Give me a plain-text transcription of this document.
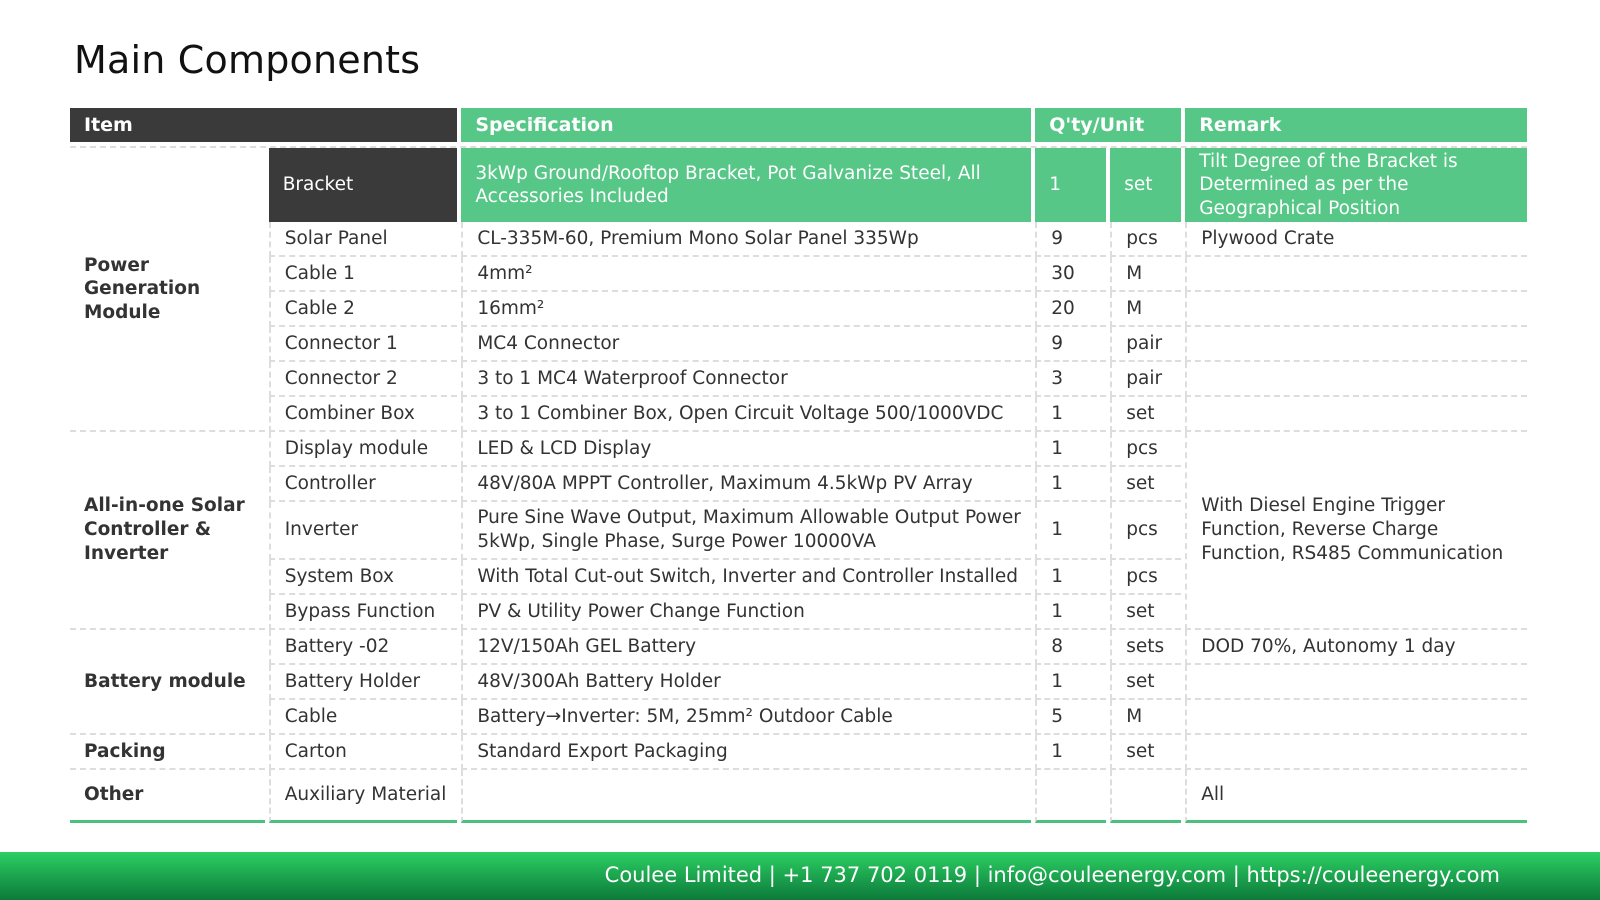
Main Components
Item		Specification	Q'ty/Unit		Remark

Power Generation Module	Bracket	3kWp Ground/Rooftop Bracket, Pot Galvanize Steel, All Accessories Included	1	set	Tilt Degree of the Bracket is Determined as per the Geographical Position
	Solar Panel	CL-335M-60, Premium Mono Solar Panel 335Wp	9	pcs	Plywood Crate
	Cable 1	4mm²	30	M	
	Cable 2	16mm²	20	M	
	Connector 1	MC4 Connector	9	pair	
	Connector 2	3 to 1 MC4 Waterproof Connector	3	pair	
	Combiner Box	3 to 1 Combiner Box, Open Circuit Voltage 500/1000VDC	1	set	
All-in-one Solar Controller & Inverter	Display module	LED & LCD Display	1	pcs	With Diesel Engine Trigger Function, Reverse Charge Function, RS485 Communication
	Controller	48V/80A MPPT Controller, Maximum 4.5kWp PV Array	1	set	
	Inverter	Pure Sine Wave Output, Maximum Allowable Output Power 5kWp, Single Phase, Surge Power 10000VA	1	pcs	
	System Box	With Total Cut-out Switch, Inverter and Controller Installed	1	pcs	
	Bypass Function	PV & Utility Power Change Function	1	set	
Battery module	Battery -02	12V/150Ah GEL Battery	8	sets	DOD 70%, Autonomy 1 day
	Battery Holder	48V/300Ah Battery Holder	1	set	
	Cable	Battery→Inverter: 5M, 25mm² Outdoor Cable	5	M	
Packing	Carton	Standard Export Packaging	1	set	
Other	Auxiliary Material				All
Coulee Limited | +1 737 702 0119 | info@couleenergy.com | https://couleenergy.com
